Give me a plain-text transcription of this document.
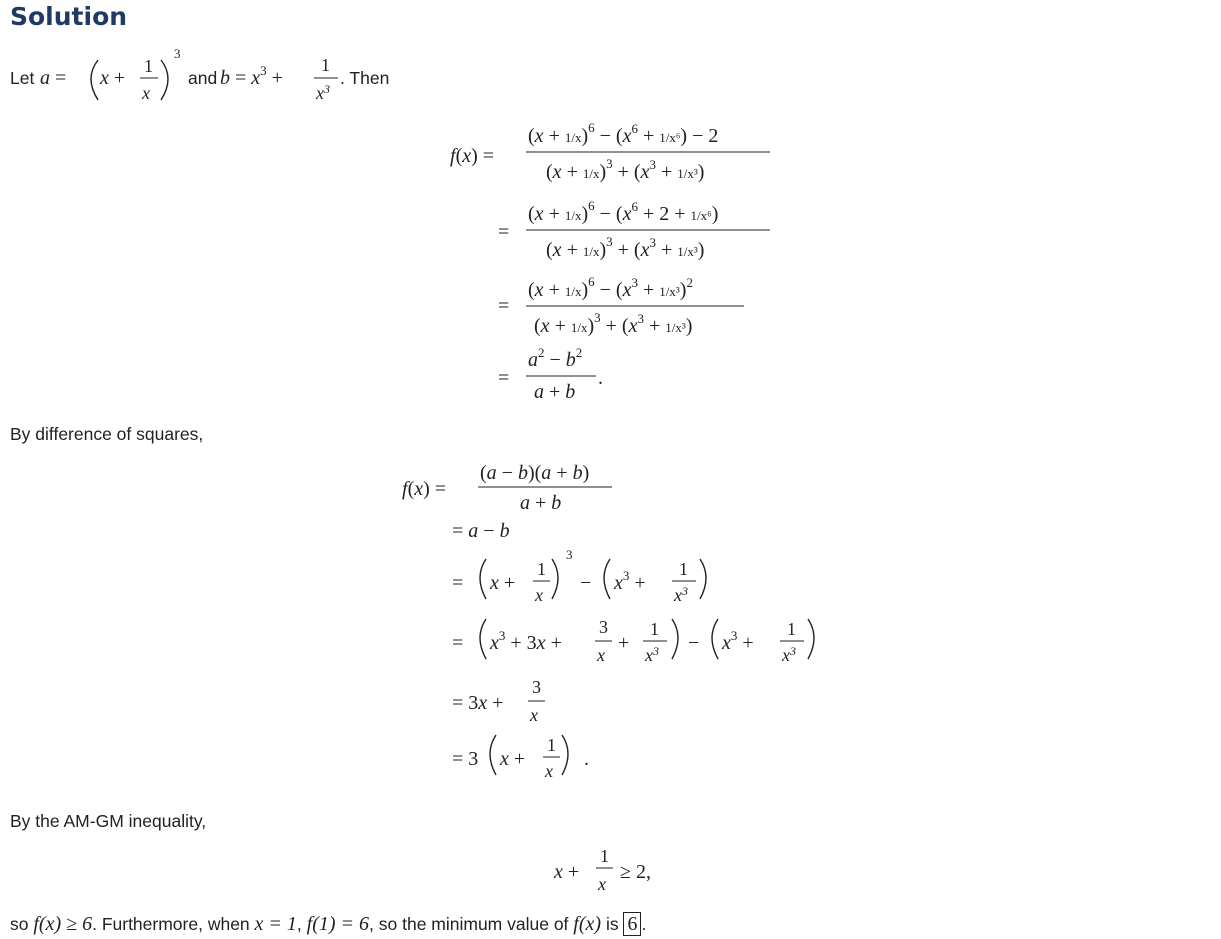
Solution
Let a = x +
1
x
3
and $b = x^3$ +
1
$x^3$
. Then
f(x) =
$(x + 1/x)^6 - (x^6 + 1/x^6) - 2$
$(x + 1/x)^3 + (x^3 + 1/x^3)$
=
$(x + 1/x)^6 - (x^6 + 2 + 1/x^6)$
$(x + 1/x)^3 + (x^3 + 1/x^3)$
=
$(x + 1/x)^6 - (x^3 + 1/x^3)^2$
$(x + 1/x)^3 + (x^3 + 1/x^3)$
=
$a^2 - b^2$
a + b
.
By difference of squares,
f(x) =
(a − b)(a + b)
a + b
= a − b
= x +
1
x
3
− $x^3$ +
1
$x^3$
= $x^3 + 3x$ +
3
x
+
1
$x^3 - x^3$ +
1
$x^3$
= 3x +
3
x
= 3 x +
1
x
.
By the AM-GM inequality,
x +
1
x
≥ 2,
so f(x) ≥ 6. Furthermore, when x = 1, f(1) = 6, so the minimum value of f(x) is 6 .
